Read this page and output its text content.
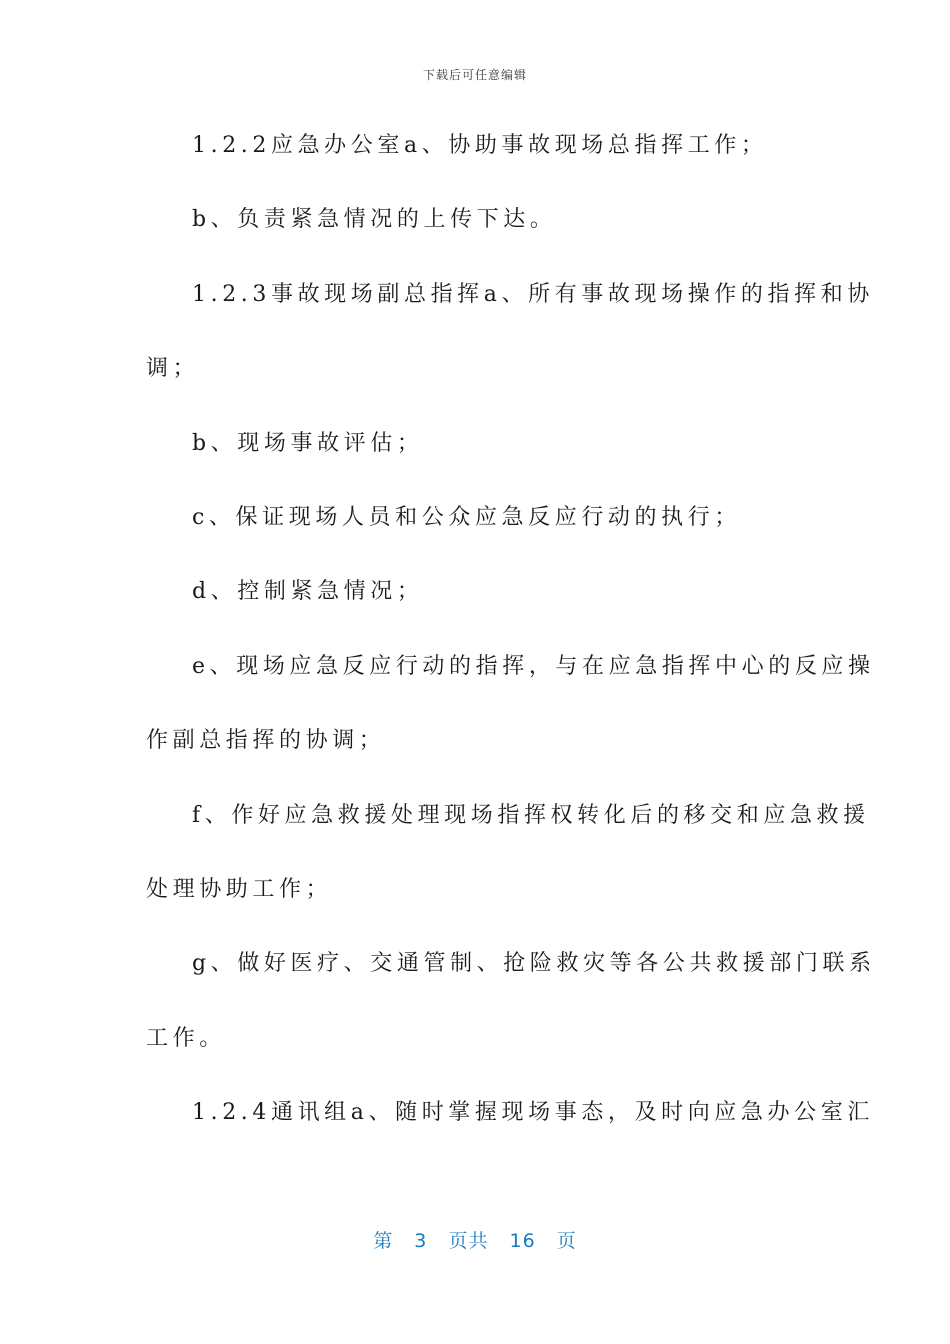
下载后可任意编辑
1.2.2应急办公室a、协助事故现场总指挥工作；
b、负责紧急情况的上传下达。
1.2.3事故现场副总指挥a、所有事故现场操作的指挥和协
调；
b、现场事故评估；
c、保证现场人员和公众应急反应行动的执行；
d、控制紧急情况；
e、现场应急反应行动的指挥，与在应急指挥中心的反应操
作副总指挥的协调；
f、作好应急救援处理现场指挥权转化后的移交和应急救援
处理协助工作；
g、做好医疗、交通管制、抢险救灾等各公共救援部门联系
工作。
1.2.4通讯组a、随时掌握现场事态，及时向应急办公室汇
第 3 页共 16 页
